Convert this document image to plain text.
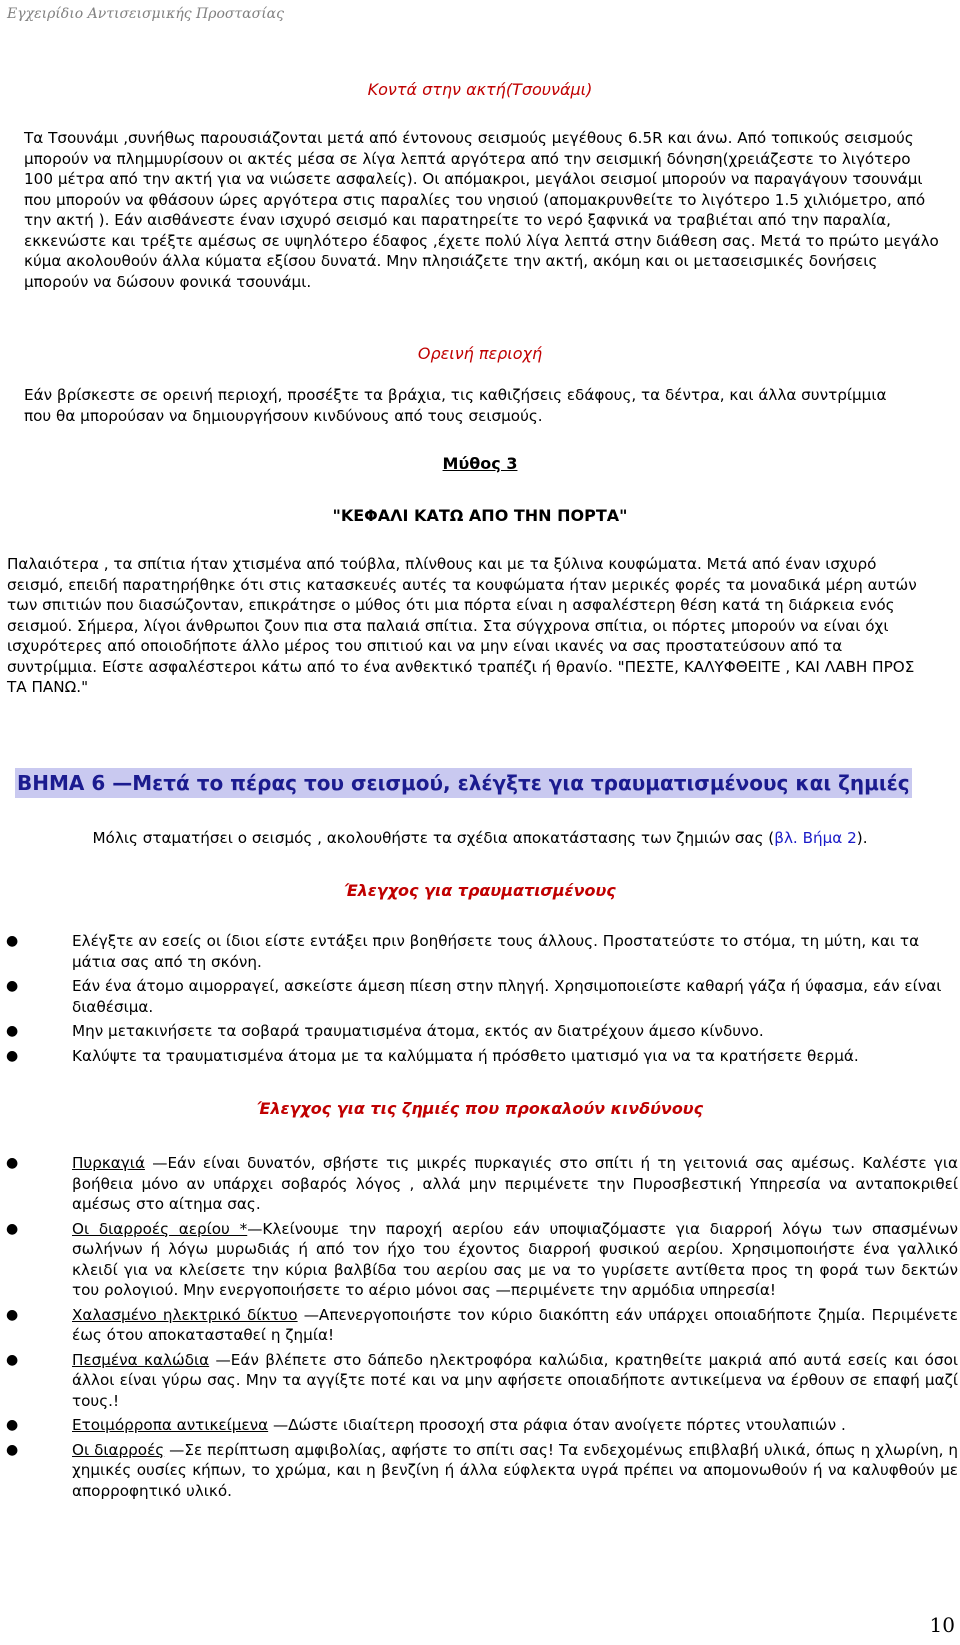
Εγχειρίδιο Αντισεισμικής Προστασίας
Κοντά στην ακτή(Τσουνάμι)

Τα Τσουνάμι ,συνήθως παρουσιάζονται μετά από έντονους σεισμούς μεγέθους 6.5R και άνω. Από τοπικούς σεισμούς μπορούν να πλημμυρίσουν οι ακτές μέσα σε λίγα λεπτά αργότερα από την σεισμική δόνηση(χρειάζεστε το λιγότερο 100 μέτρα από την ακτή για να νιώσετε ασφαλείς). Οι απόμακροι, μεγάλοι σεισμοί μπορούν να παραγάγουν τσουνάμι που μπορούν να φθάσουν ώρες αργότερα στις παραλίες του νησιού (απομακρυνθείτε το λιγότερο 1.5 χιλιόμετρο, από την ακτή ). Εάν αισθάνεστε έναν ισχυρό σεισμό και παρατηρείτε το νερό ξαφνικά να τραβιέται από την παραλία, εκκενώστε και τρέξτε αμέσως σε υψηλότερο έδαφος ,έχετε πολύ λίγα λεπτά στην διάθεση σας. Μετά το πρώτο μεγάλο κύμα ακολουθούν άλλα κύματα εξίσου δυνατά. Μην πλησιάζετε την ακτή, ακόμη και οι μετασεισμικές δονήσεις μπορούν να δώσουν φονικά τσουνάμι.

Ορεινή περιοχή

Εάν βρίσκεστε σε ορεινή περιοχή, προσέξτε τα βράχια, τις καθιζήσεις εδάφους, τα δέντρα, και άλλα συντρίμμια που θα μπορούσαν να δημιουργήσουν κινδύνους από τους σεισμούς.

Μύθος 3
"ΚΕΦΑΛΙ ΚΑΤΩ ΑΠΟ ΤΗΝ ΠΟΡΤΑ"

Παλαιότερα , τα σπίτια ήταν χτισμένα από τούβλα, πλίνθους και με τα ξύλινα κουφώματα. Μετά από έναν ισχυρό σεισμό, επειδή παρατηρήθηκε ότι στις κατασκευές αυτές τα κουφώματα ήταν μερικές φορές τα μοναδικά μέρη αυτών των σπιτιών που διασώζονταν, επικράτησε ο μύθος ότι μια πόρτα είναι η ασφαλέστερη θέση κατά τη διάρκεια ενός σεισμού. Σήμερα, λίγοι άνθρωποι ζουν πια στα παλαιά σπίτια. Στα σύγχρονα σπίτια, οι πόρτες μπορούν να είναι όχι ισχυρότερες από οποιοδήποτε άλλο μέρος του σπιτιού και να μην είναι ικανές να σας προστατεύσουν από τα συντρίμμια. Είστε ασφαλέστεροι κάτω από το ένα ανθεκτικό τραπέζι ή θρανίο. "ΠΕΣΤΕ, ΚΑΛΥΦΘΕΙΤΕ , ΚΑΙ ΛΑΒΗ ΠΡΟΣ ΤΑ ΠΑΝΩ."

ΒΗΜΑ 6 —Μετά το πέρας του σεισμού, ελέγξτε για τραυματισμένους και ζημιές
Μόλις σταματήσει ο σεισμός , ακολουθήστε τα σχέδια αποκατάστασης των ζημιών σας (βλ. Βήμα 2).
Έλεγχος για τραυματισμένους
●	Ελέγξτε αν εσείς οι ίδιοι είστε εντάξει πριν βοηθήσετε τους άλλους. Προστατεύστε το στόμα, τη μύτη, και τα μάτια σας από τη σκόνη.
●	Εάν ένα άτομο αιμορραγεί, ασκείστε άμεση πίεση στην πληγή. Χρησιμοποιείστε καθαρή γάζα ή ύφασμα, εάν είναι διαθέσιμα.
●	Μην μετακινήσετε τα σοβαρά τραυματισμένα άτομα, εκτός αν διατρέχουν άμεσο κίνδυνο.
●	Καλύψτε τα τραυματισμένα άτομα με τα καλύμματα ή πρόσθετο ιματισμό για να τα κρατήσετε θερμά.
Έλεγχος για τις ζημιές που προκαλούν κινδύνους
●	Πυρκαγιά —Εάν είναι δυνατόν, σβήστε τις μικρές πυρκαγιές στο σπίτι ή τη γειτονιά σας αμέσως. Καλέστε για βοήθεια μόνο αν υπάρχει σοβαρός λόγος , αλλά μην περιμένετε την Πυροσβεστική Υπηρεσία να ανταποκριθεί αμέσως στο αίτημα σας.
●	Οι διαρροές αερίου *—Κλείνουμε την παροχή αερίου εάν υποψιαζόμαστε για διαρροή λόγω των σπασμένων σωλήνων ή λόγω μυρωδιάς ή από τον ήχο του έχοντος διαρροή φυσικού αερίου. Χρησιμοποιήστε ένα γαλλικό κλειδί για να κλείσετε την κύρια βαλβίδα του αερίου σας με να το γυρίσετε αντίθετα προς τη φορά των δεκτών του ρολογιού. Μην ενεργοποιήσετε το αέριο μόνοι σας —περιμένετε την αρμόδια υπηρεσία!
●	Χαλασμένο ηλεκτρικό δίκτυο —Απενεργοποιήστε τον κύριο διακόπτη εάν υπάρχει οποιαδήποτε ζημία. Περιμένετε έως ότου αποκατασταθεί η ζημία!
●	Πεσμένα καλώδια —Εάν βλέπετε στο δάπεδο ηλεκτροφόρα καλώδια, κρατηθείτε μακριά από αυτά εσείς και όσοι άλλοι είναι γύρω σας. Μην τα αγγίξτε ποτέ και να μην αφήσετε οποιαδήποτε αντικείμενα να έρθουν σε επαφή μαζί τους.!
●	Ετοιμόρροπα αντικείμενα —Δώστε ιδιαίτερη προσοχή στα ράφια όταν ανοίγετε πόρτες ντουλαπιών .
●	Οι διαρροές —Σε περίπτωση αμφιβολίας, αφήστε το σπίτι σας! Τα ενδεχομένως επιβλαβή υλικά, όπως η χλωρίνη, η χημικές ουσίες κήπων, το χρώμα, και η βενζίνη ή άλλα εύφλεκτα υγρά πρέπει να απομονωθούν ή να καλυφθούν με απορροφητικό υλικό.
10
